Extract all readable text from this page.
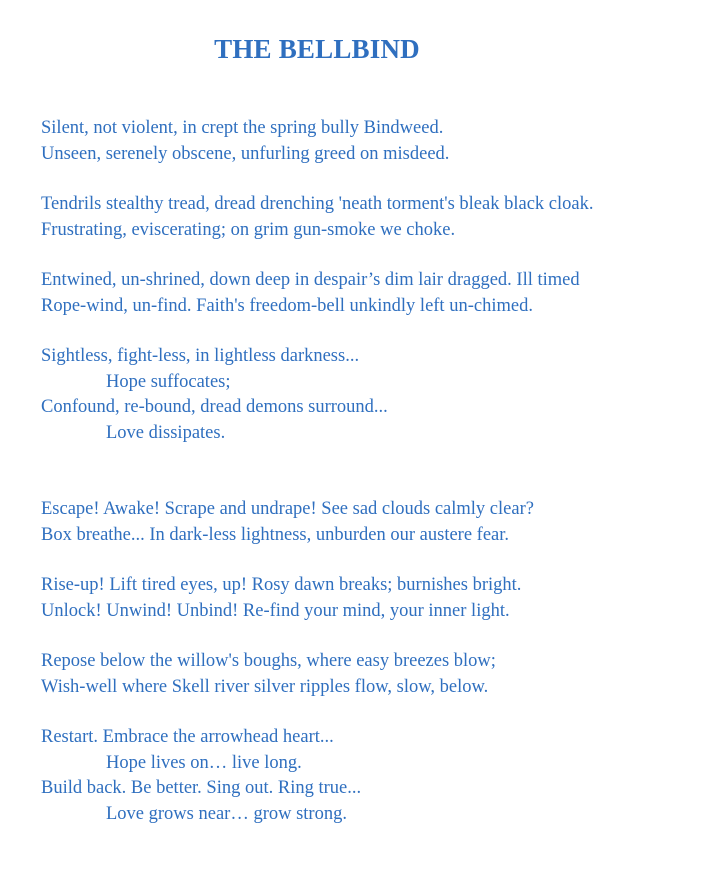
THE BELLBIND
Silent, not violent, in crept the spring bully Bindweed.
Unseen, serenely obscene, unfurling greed on misdeed.
Tendrils stealthy tread, dread drenching 'neath torment's bleak black cloak.
Frustrating, eviscerating; on grim gun-smoke we choke.
Entwined, un-shrined, down deep in despair’s dim lair dragged. Ill timed
Rope-wind, un-find. Faith's freedom-bell unkindly left un-chimed.
Sightless, fight-less, in lightless darkness...
Hope suffocates;
Confound, re-bound, dread demons surround...
Love dissipates.
Escape! Awake! Scrape and undrape! See sad clouds calmly clear?
Box breathe... In dark-less lightness, unburden our austere fear.
Rise-up! Lift tired eyes, up! Rosy dawn breaks; burnishes bright.
Unlock! Unwind! Unbind! Re-find your mind, your inner light.
Repose below the willow's boughs, where easy breezes blow;
Wish-well where Skell river silver ripples flow, slow, below.
Restart. Embrace the arrowhead heart...
Hope lives on… live long.
Build back. Be better. Sing out. Ring true...
Love grows near… grow strong.
